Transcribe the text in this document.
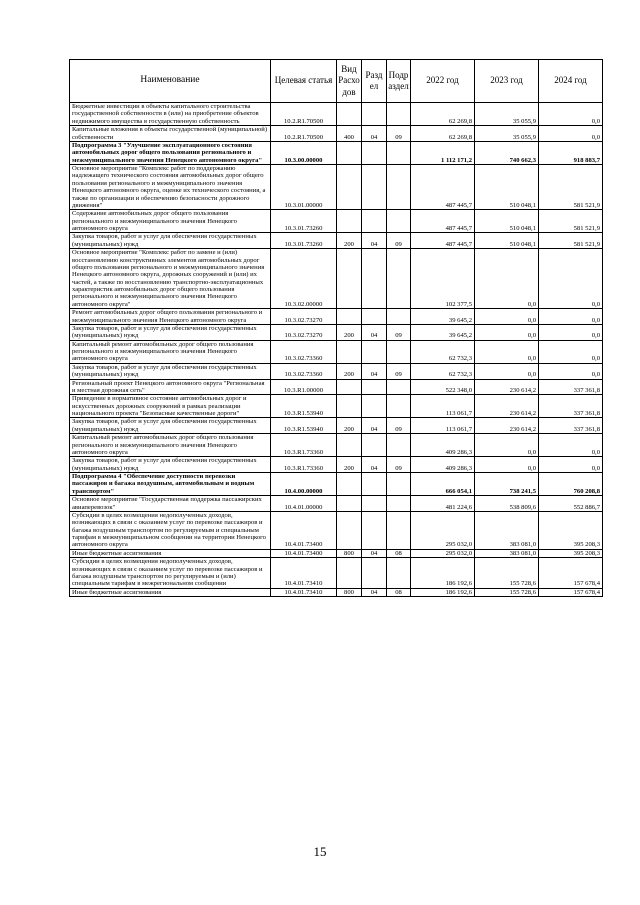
Наименование	Целевая статья	Вид Расхо дов	Разд ел	Подр аздел	2022 год	2023 год	2024 год
Бюджетные инвестиции в объекты капитального строительства государственной собственности в (или) на приобретение объектов недвижимого имущества в государственную собственность	10.2.R1.70500				62 269,8	35 055,9	0,0
Капитальные вложения в объекты государственной (муниципальной) собственности	10.2.R1.70500	400	04	09	62 269,8	35 055,9	0,0
Подпрограмма 3 "Улучшение эксплуатационного состояния автомобильных дорог общего пользования регионального и межмуниципального значения Ненецкого автономного округа"	10.3.00.00000				1 112 171,2	740 662,3	918 883,7
Основное мероприятие "Комплекс работ по поддержанию надлежащего технического состояния автомобильных дорог общего пользования регионального и межмуниципального значения Ненецкого автономного округа, оценке их технического состояния, а также по организации и обеспечению безопасности дорожного движения"	10.3.01.00000				487 445,7	510 048,1	581 521,9
Содержание автомобильных дорог общего пользования регионального и межмуниципального значения Ненецкого автономного округа	10.3.01.73260				487 445,7	510 048,1	581 521,9
Закупка товаров, работ и услуг для обеспечения государственных (муниципальных) нужд	10.3.01.73260	200	04	09	487 445,7	510 048,1	581 521,9
Основное мероприятие "Комплекс работ по замене и (или) восстановлению конструктивных элементов автомобильных дорог общего пользования регионального и межмуниципального значения Ненецкого автономного округа, дорожных сооружений и (или) их частей, а также по восстановлению транспортно-эксплуатационных характеристик автомобильных дорог общего пользования регионального и межмуниципального значения Ненецкого автономного округа"	10.3.02.00000				102 377,5	0,0	0,0
Ремонт автомобильных дорог общего пользования регионального и межмуниципального значения Ненецкого автономного округа	10.3.02.73270				39 645,2	0,0	0,0
Закупка товаров, работ и услуг для обеспечения государственных (муниципальных) нужд	10.3.02.73270	200	04	09	39 645,2	0,0	0,0
Капитальный ремонт автомобильных дорог общего пользования регионального и межмуниципального значения Ненецкого автономного округа	10.3.02.73360				62 732,3	0,0	0,0
Закупка товаров, работ и услуг для обеспечения государственных (муниципальных) нужд	10.3.02.73360	200	04	09	62 732,3	0,0	0,0
Региональный проект Ненецкого автономного округа "Региональная и местная дорожная сеть"	10.3.R1.00000				522 348,0	230 614,2	337 361,8
Приведение в нормативное состояние автомобильных дорог и искусственных дорожных сооружений в рамках реализации национального проекта "Безопасные качественные дороги"	10.3.R1.53940				113 061,7	230 614,2	337 361,8
Закупка товаров, работ и услуг для обеспечения государственных (муниципальных) нужд	10.3.R1.53940	200	04	09	113 061,7	230 614,2	337 361,8
Капитальный ремонт автомобильных дорог общего пользования регионального и межмуниципального значения Ненецкого автономного округа	10.3.R1.73360				409 286,3	0,0	0,0
Закупка товаров, работ и услуг для обеспечения государственных (муниципальных) нужд	10.3.R1.73360	200	04	09	409 286,3	0,0	0,0
Подпрограмма 4 "Обеспечение доступности перевозки пассажиров и багажа воздушным, автомобильным и водным транспортом"	10.4.00.00000				666 054,1	738 241,5	760 208,8
Основное мероприятие "Государственная поддержка пассажирских авиаперевозок"	10.4.01.00000				481 224,6	538 809,6	552 886,7
Субсидии в целях возмещения недополученных доходов, возникающих в связи с оказанием услуг по перевозке пассажиров и багажа воздушным транспортом по регулируемым и специальным тарифам в межмуниципальном сообщении на территории Ненецкого автономного округа	10.4.01.73400				295 032,0	383 081,0	395 208,3
Иные бюджетные ассигнования	10.4.01.73400	800	04	08	295 032,0	383 081,0	395 208,3
Субсидии в целях возмещения недополученных доходов, возникающих в связи с оказанием услуг по перевозке пассажиров и багажа воздушным транспортом по регулируемым и (или) специальным тарифам в межрегиональном сообщении	10.4.01.73410				186 192,6	155 728,6	157 678,4
Иные бюджетные ассигнования	10.4.01.73410	800	04	08	186 192,6	155 728,6	157 678,4
15
